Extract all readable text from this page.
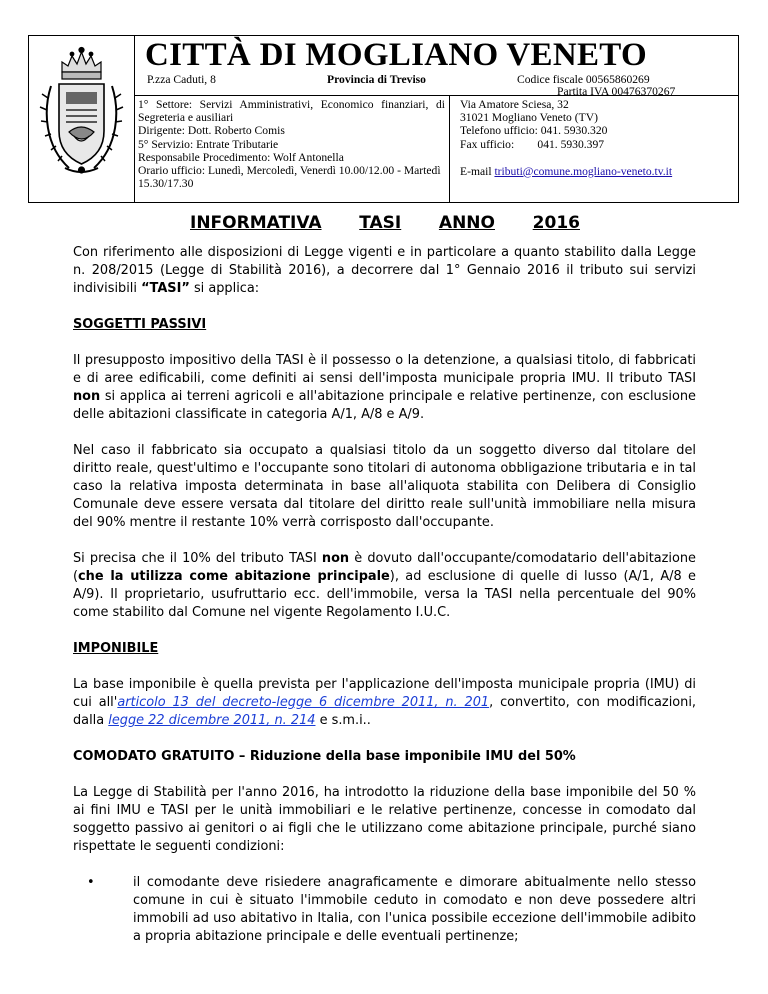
CITTÀ DI MOGLIANO VENETO
P.zza Caduti, 8	Provincia di Treviso	Codice fiscale 00565860269
Partita IVA 00476370267

1° Settore: Servizi Amministrativi, Economico finanziari, di Segreteria e ausiliari

Dirigente: Dott. Roberto Comis

5° Servizio: Entrate Tributarie

Responsabile Procedimento: Wolf Antonella

Orario ufficio: Lunedì, Mercoledì, Venerdì 10.00/12.00 - Martedì 15.30/17.30

Via Amatore Sciesa, 32

31021 Mogliano Veneto (TV)

Telefono ufficio: 041. 5930.320

Fax ufficio:        041. 5930.397

E-mail tributi@comune.mogliano-veneto.tv.it

INFORMATIVA TASI ANNO 2016

Con riferimento alle disposizioni di Legge vigenti e in particolare a quanto stabilito dalla Legge n. 208/2015 (Legge di Stabilità 2016), a decorrere dal 1° Gennaio 2016 il tributo sui servizi indivisibili “TASI” si applica:

SOGGETTI PASSIVI

Il presupposto impositivo della TASI è il possesso o la detenzione, a qualsiasi titolo, di fabbricati e di aree edificabili, come definiti ai sensi dell'imposta municipale propria IMU. Il tributo TASI non si applica ai terreni agricoli e all'abitazione principale e relative pertinenze, con esclusione delle abitazioni classificate in categoria A/1, A/8 e A/9.

Nel caso il fabbricato sia occupato a qualsiasi titolo da un soggetto diverso dal titolare del diritto reale, quest'ultimo e l'occupante sono titolari di autonoma obbligazione tributaria e in tal caso la relativa imposta determinata in base all'aliquota stabilita con Delibera di Consiglio Comunale deve essere versata dal titolare del diritto reale sull'unità immobiliare nella misura del 90% mentre il restante 10% verrà corrisposto dall'occupante.

Si precisa che il 10% del tributo TASI non è dovuto dall'occupante/comodatario dell'abitazione (che la utilizza come abitazione principale), ad esclusione di quelle di lusso (A/1, A/8 e A/9). Il proprietario, usufruttario ecc. dell'immobile, versa la TASI nella percentuale del 90% come stabilito dal Comune nel vigente Regolamento I.U.C.

IMPONIBILE

La base imponibile è quella prevista per l'applicazione dell'imposta municipale propria (IMU) di cui all'articolo 13 del decreto-legge 6 dicembre 2011, n. 201, convertito, con modificazioni, dalla legge 22 dicembre 2011, n. 214 e s.m.i..

COMODATO GRATUITO – Riduzione della base imponibile IMU del 50%

La Legge di Stabilità per l'anno 2016, ha introdotto la riduzione della base imponibile del 50 % ai fini IMU e TASI per le unità immobiliari e le relative pertinenze, concesse in comodato dal soggetto passivo ai genitori o ai figli che le utilizzano come abitazione principale, purché siano rispettate le seguenti condizioni:

•	il comodante deve risiedere anagraficamente e dimorare abitualmente nello stesso comune in cui è situato l'immobile ceduto in comodato e non deve possedere altri immobili ad uso abitativo in Italia, con l'unica possibile eccezione dell'immobile adibito a propria abitazione principale e delle eventuali pertinenze;
